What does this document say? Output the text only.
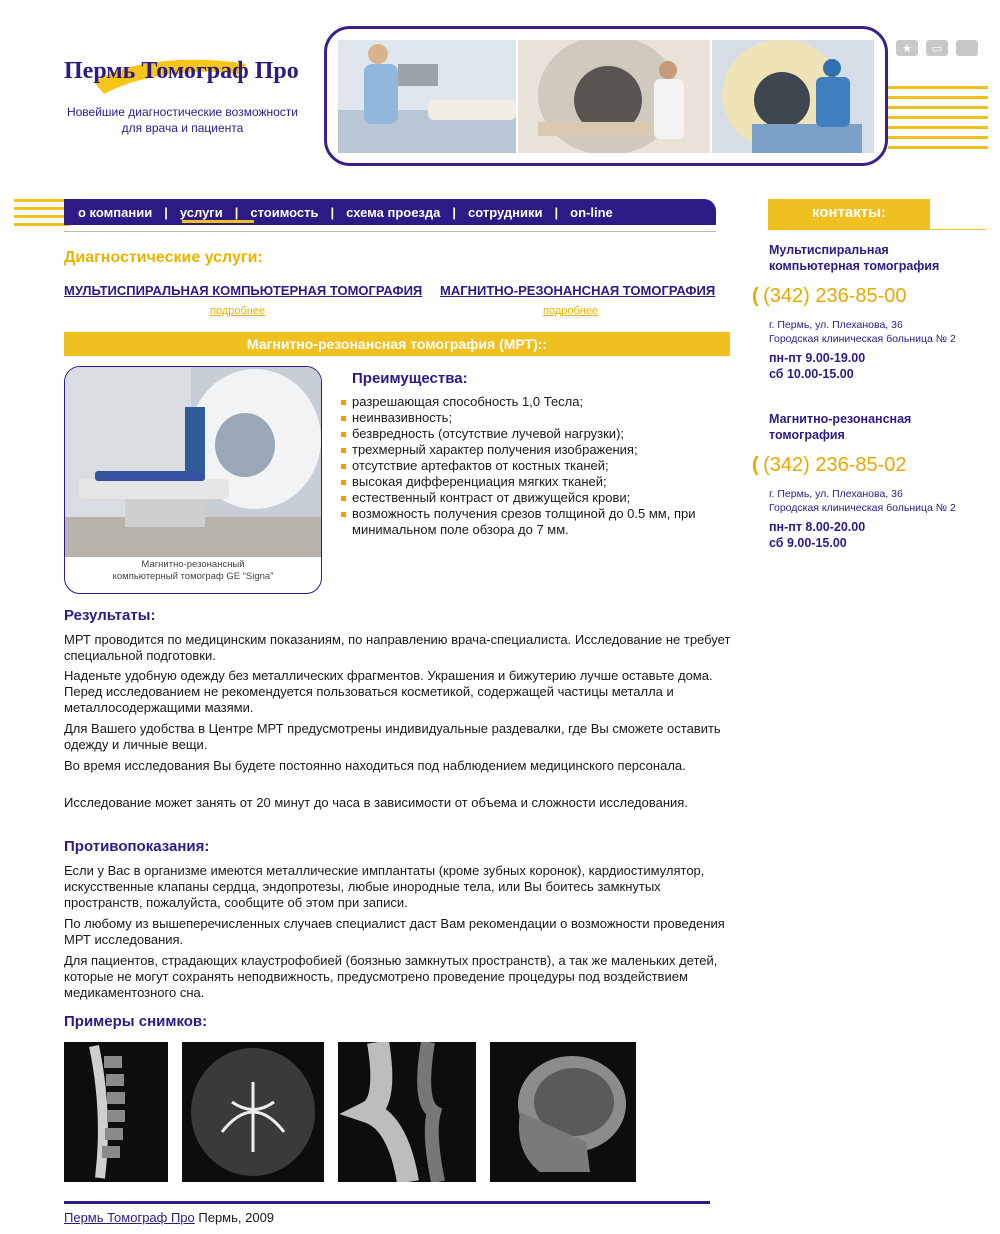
Пермь Томограф Про
Новейшие диагностические возможности
для врача и пациента
★	▭
о компании | услуги | стоимость | схема проезда | сотрудники | on-line	контакты:
Мультиспиральная
компьютерная томография
( (342) 236-85-00
г. Пермь, ул. Плеханова, 36
Городская клиническая больница № 2
пн-пт 9.00-19.00
сб 10.00-15.00
Магнитно-резонансная
томография
( (342) 236-85-02
г. Пермь, ул. Плеханова, 36
Городская клиническая больница № 2
пн-пт 8.00-20.00
сб 9.00-15.00
Диагностические услуги:
МУЛЬТИСПИРАЛЬНАЯ КОМПЬЮТЕРНАЯ ТОМОГРАФИЯ
подробнее
МАГНИТНО-РЕЗОНАНСНАЯ ТОМОГРАФИЯ
подробнее
Магнитно-резонансная томография (МРТ)::
Магнитно-резонансный
компьютерный томограф GE “Signa”
Преимущества:
разрешающая способность 1,0 Тесла;
неинвазивность;
безвредность (отсутствие лучевой нагрузки);
трехмерный характер получения изображения;
отсутствие артефактов от костных тканей;
высокая дифференциация мягких тканей;
естественный контраст от движущейся крови;
возможность получения срезов толщиной до 0.5 мм, при минимальном поле обзора до 7 мм.
Результаты:

МРТ проводится по медицинским показаниям, по направлению врача-специалиста. Исследование не требует специальной подготовки.

Наденьте удобную одежду без металлических фрагментов. Украшения и бижутерию лучше оставьте дома. Перед исследованием не рекомендуется пользоваться косметикой, содержащей частицы металла и металлосодержащими мазями.

Для Вашего удобства в Центре МРТ предусмотрены индивидуальные раздевалки, где Вы сможете оставить одежду и личные вещи.

Во время исследования Вы будете постоянно находиться под наблюдением медицинского персонала.

Исследование может занять от 20 минут до часа в зависимости от объема и сложности исследования.

Противопоказания:

Если у Вас в организме имеются металлические имплантаты (кроме зубных коронок), кардиостимулятор, искусственные клапаны сердца, эндопротезы, любые инородные тела, или Вы боитесь замкнутых пространств, пожалуйста, сообщите об этом при записи.

По любому из вышеперечисленных случаев специалист даст Вам рекомендации о возможности проведения МРТ исследования.

Для пациентов, страдающих клаустрофобией (боязнью замкнутых пространств), а так же маленьких детей, которые не могут сохранять неподвижность, предусмотрено проведение процедуры под воздействием медикаментозного сна.

Примеры снимков:
Пермь Томограф Про Пермь, 2009
